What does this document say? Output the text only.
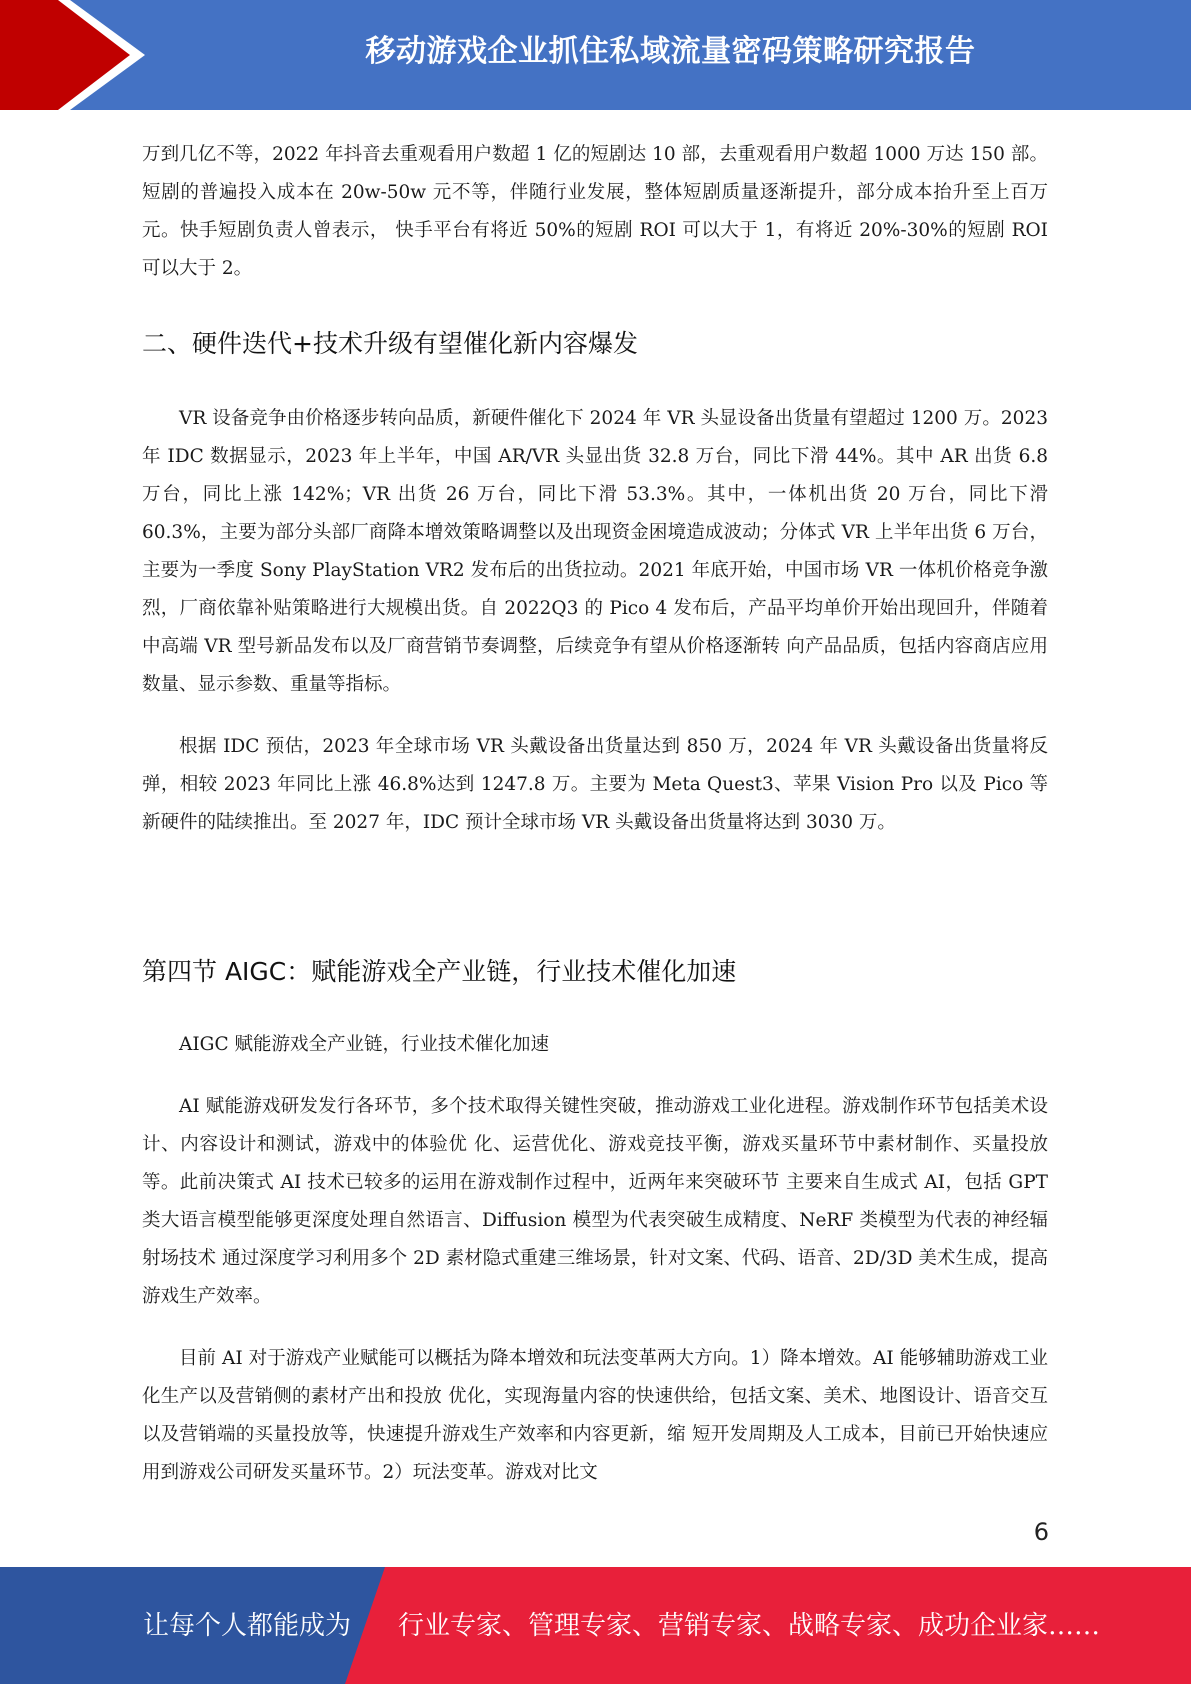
移动游戏企业抓住私域流量密码策略研究报告

万到几亿不等，2022 年抖音去重观看用户数超 1 亿的短剧达 10 部，去重观看用户数超 1000 万达 150 部。短剧的普遍投入成本在 20w-50w 元不等，伴随行业发展，整体短剧质量逐渐提升，部分成本抬升至上百万元。快手短剧负责人曾表示， 快手平台有将近 50%的短剧 ROI 可以大于 1，有将近 20%-30%的短剧 ROI 可以大于 2。

二、硬件迭代+技术升级有望催化新内容爆发

VR 设备竞争由价格逐步转向品质，新硬件催化下 2024 年 VR 头显设备出货量有望超过 1200 万。2023 年 IDC 数据显示，2023 年上半年，中国 AR/VR 头显出货 32.8 万台，同比下滑 44%。其中 AR 出货 6.8 万台，同比上涨 142%；VR 出货 26 万台，同比下滑 53.3%。其中，一体机出货 20 万台，同比下滑 60.3%，主要为部分头部厂商降本增效策略调整以及出现资金困境造成波动；分体式 VR 上半年出货 6 万台，主要为一季度 Sony PlayStation VR2 发布后的出货拉动。2021 年底开始，中国市场 VR 一体机价格竞争激烈，厂商依靠补贴策略进行大规模出货。自 2022Q3 的 Pico 4 发布后，产品平均单价开始出现回升，伴随着中高端 VR 型号新品发布以及厂商营销节奏调整，后续竞争有望从价格逐渐转 向产品品质，包括内容商店应用数量、显示参数、重量等指标。

根据 IDC 预估，2023 年全球市场 VR 头戴设备出货量达到 850 万，2024 年 VR 头戴设备出货量将反弹，相较 2023 年同比上涨 46.8%达到 1247.8 万。主要为 Meta Quest3、苹果 Vision Pro 以及 Pico 等新硬件的陆续推出。至 2027 年，IDC 预计全球市场 VR 头戴设备出货量将达到 3030 万。

第四节 AIGC：赋能游戏全产业链，行业技术催化加速

AIGC 赋能游戏全产业链，行业技术催化加速

AI 赋能游戏研发发行各环节，多个技术取得关键性突破，推动游戏工业化进程。游戏制作环节包括美术设计、内容设计和测试，游戏中的体验优 化、运营优化、游戏竞技平衡，游戏买量环节中素材制作、买量投放等。此前决策式 AI 技术已较多的运用在游戏制作过程中，近两年来突破环节 主要来自生成式 AI，包括 GPT 类大语言模型能够更深度处理自然语言、Diffusion 模型为代表突破生成精度、NeRF 类模型为代表的神经辐射场技术 通过深度学习利用多个 2D 素材隐式重建三维场景，针对文案、代码、语音、2D/3D 美术生成，提高游戏生产效率。

目前 AI 对于游戏产业赋能可以概括为降本增效和玩法变革两大方向。1）降本增效。AI 能够辅助游戏工业化生产以及营销侧的素材产出和投放 优化，实现海量内容的快速供给，包括文案、美术、地图设计、语音交互以及营销端的买量投放等，快速提升游戏生产效率和内容更新，缩 短开发周期及人工成本，目前已开始快速应用到游戏公司研发买量环节。2）玩法变革。游戏对比文

6
让每个人都能成为 行业专家、管理专家、营销专家、战略专家、成功企业家……
